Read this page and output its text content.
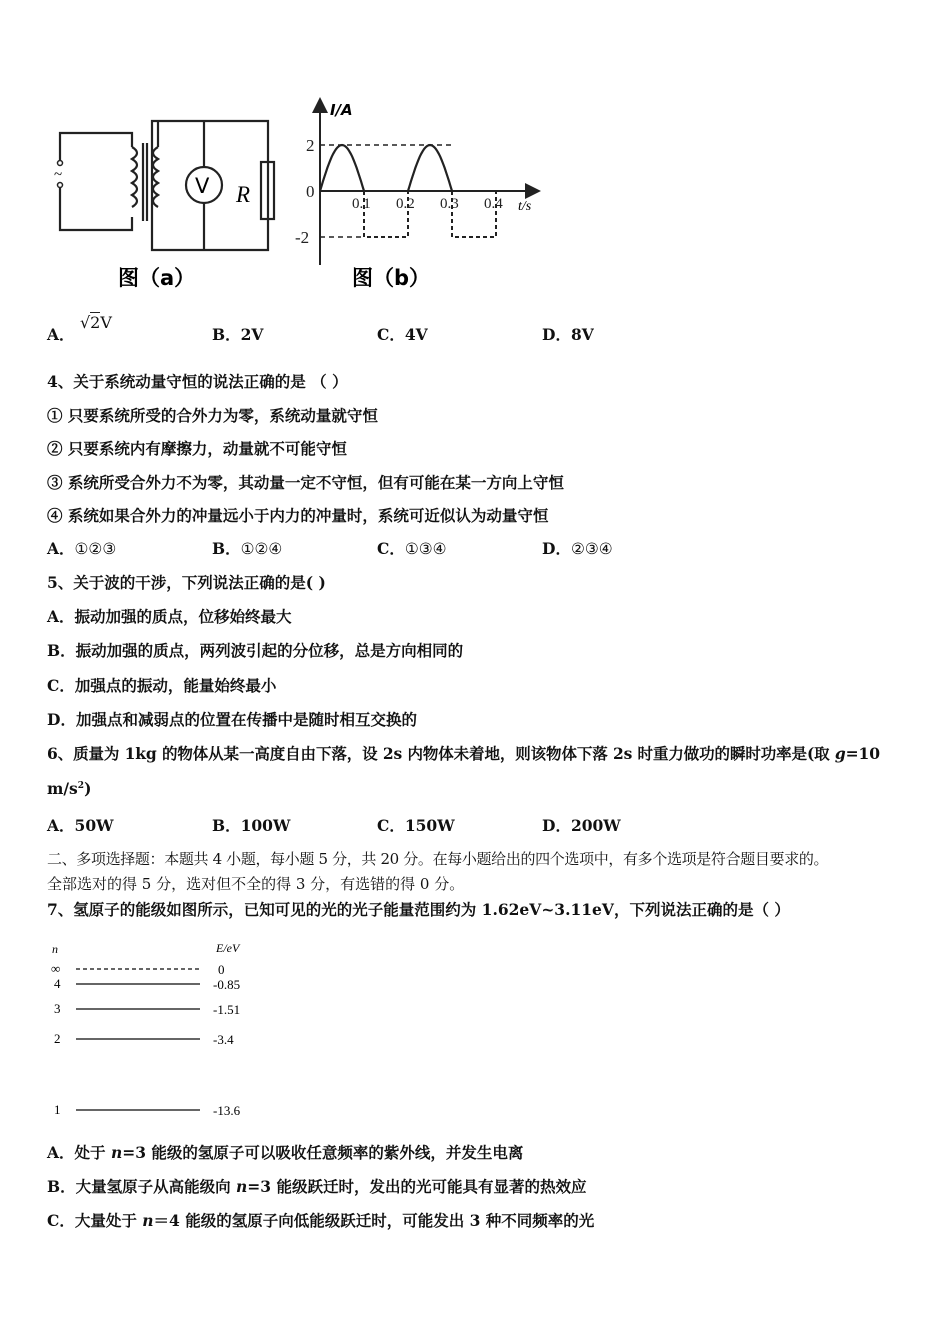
~	V R
图（a）
I/A
t/s
2
0
-2
0.1 0.2 0.3 0.4
图（b）
A． √2V
B．2V	C．4V	D．8V
4、关于系统动量守恒的说法正确的是 （ ）
① 只要系统所受的合外力为零，系统动量就守恒
② 只要系统内有摩擦力，动量就不可能守恒
③ 系统所受合外力不为零，其动量一定不守恒，但有可能在某一方向上守恒
④ 系统如果合外力的冲量远小于内力的冲量时，系统可近似认为动量守恒
A．①②③	B．①②④	C．①③④	D．②③④
5、关于波的干涉，下列说法正确的是( )
A．振动加强的质点，位移始终最大
B．振动加强的质点，两列波引起的分位移，总是方向相同的
C．加强点的振动，能量始终最小
D．加强点和减弱点的位置在传播中是随时相互交换的
6、质量为 1kg 的物体从某一高度自由下落，设 2s 内物体未着地，则该物体下落 2s 时重力做功的瞬时功率是(取 g=10
$m/s^2$)
A．50W	B．100W	C．150W	D．200W
二、多项选择题：本题共 4 小题，每小题 5 分，共 20 分。在每小题给出的四个选项中，有多个选项是符合题目要求的。
全部选对的得 5 分，选对但不全的得 3 分，有选错的得 0 分。
7、氢原子的能级如图所示，已知可见的光的光子能量范围约为 1.62eV~3.11eV，下列说法正确的是（ ）
n	E/eV
∞	0
4	-0.85
3	-1.51
2	-3.4
1	-13.6
A．处于 n=3 能级的氢原子可以吸收任意频率的紫外线，并发生电离
B．大量氢原子从高能级向 n=3 能级跃迁时，发出的光可能具有显著的热效应
C．大量处于 n＝4 能级的氢原子向低能级跃迁时，可能发出 3 种不同频率的光
